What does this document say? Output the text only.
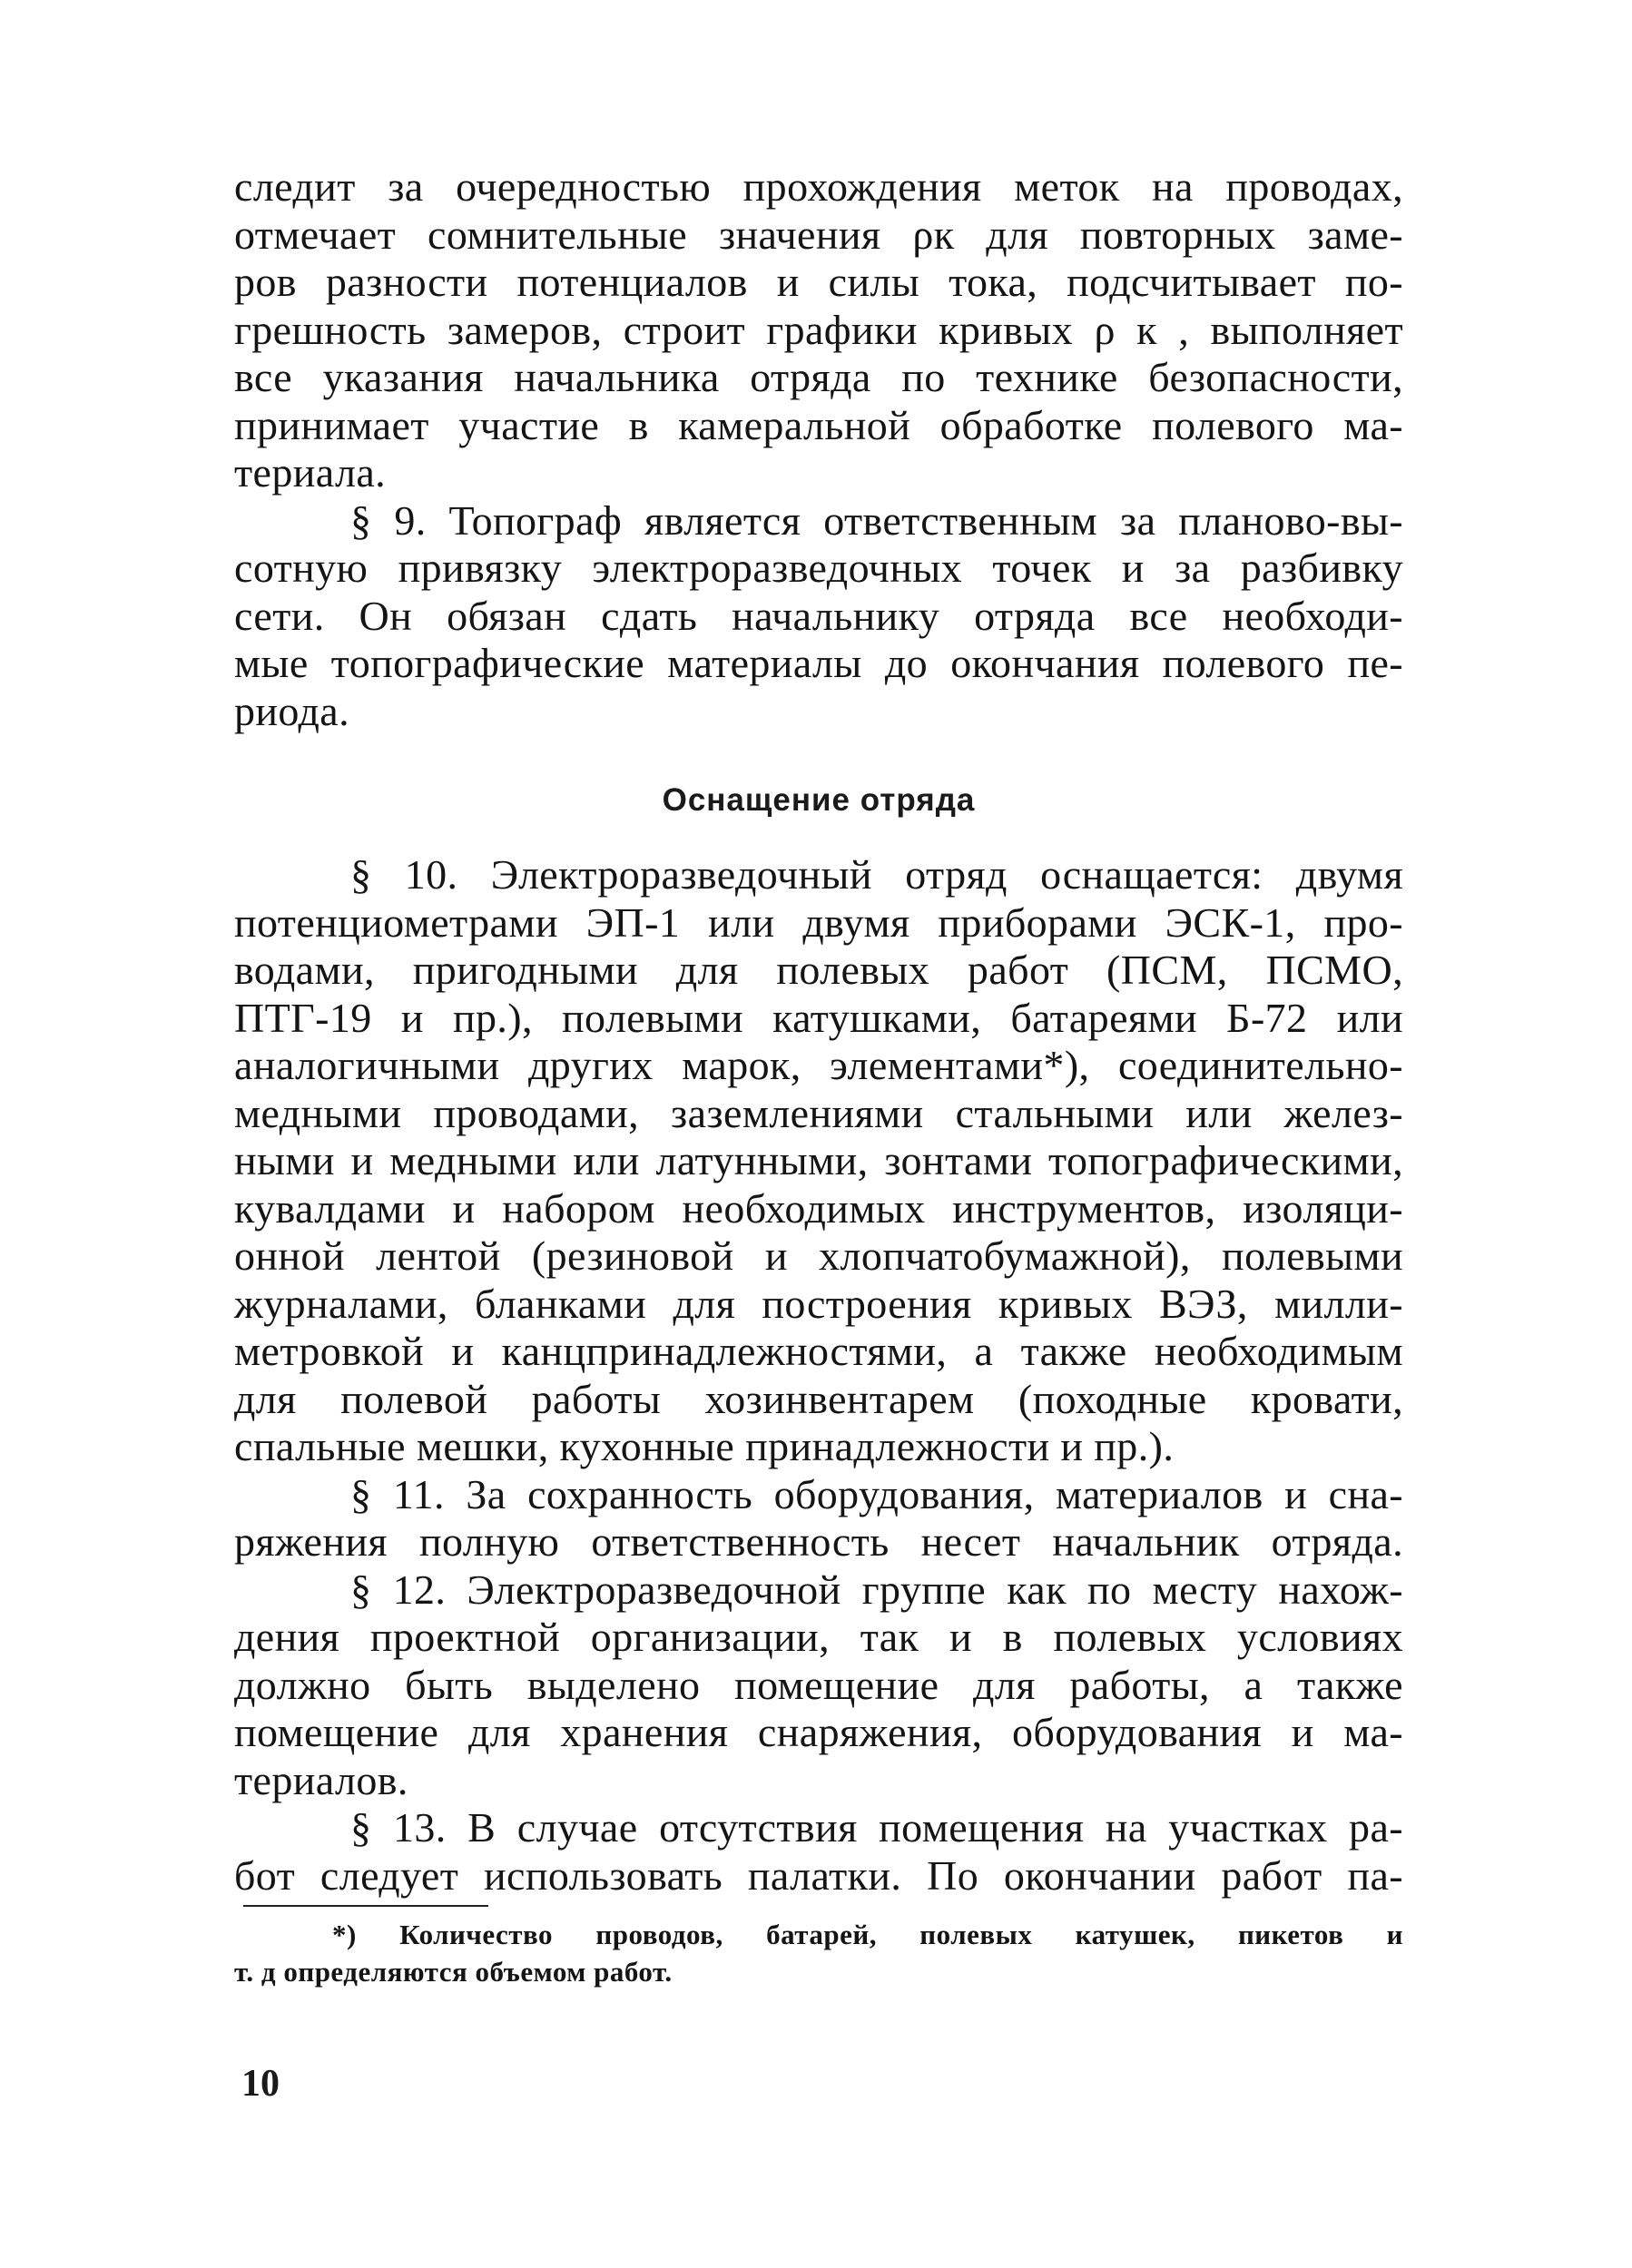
следит за очередностью прохождения меток на проводах,
отмечает сомнительные значения ρк для повторных заме-
ров разности потенциалов и силы тока, подсчитывает по-
грешность замеров, строит графики кривых ρ к , выполняет
все указания начальника отряда по технике безопасности,
принимает участие в камеральной обработке полевого ма-
териала.

§ 9. Топограф является ответственным за планово-вы-
сотную привязку электроразведочных точек и за разбивку
сети. Он обязан сдать начальнику отряда все необходи-
мые топографические материалы до окончания полевого пе-
риода.

Оснащение отряда

§ 10. Электроразведочный отряд оснащается: двумя
потенциометрами ЭП-1 или двумя приборами ЭСК-1, про-
водами, пригодными для полевых работ (ПСМ, ПСМО,
ПТГ-19 и пр.), полевыми катушками, батареями Б-72 или
аналогичными других марок, элементами*), соединительно-
медными проводами, заземлениями стальными или желез-
ными и медными или латунными, зонтами топографическими,
кувалдами и набором необходимых инструментов, изоляци-
онной лентой (резиновой и хлопчатобумажной), полевыми
журналами, бланками для построения кривых ВЭЗ, милли-
метровкой и канцпринадлежностями, а также необходимым
для полевой работы хозинвентарем (походные кровати,
спальные мешки, кухонные принадлежности и пр.).

§ 11. За сохранность оборудования, материалов и сна-
ряжения полную ответственность несет начальник отряда.

§ 12. Электроразведочной группе как по месту нахож-
дения проектной организации, так и в полевых условиях
должно быть выделено помещение для работы, а также
помещение для хранения снаряжения, оборудования и ма-
териалов.

§ 13. В случае отсутствия помещения на участках ра-
бот следует использовать палатки. По окончании работ па-

*) Количество проводов, батарей, полевых катушек, пикетов и
т. д определяются объемом работ.

10
